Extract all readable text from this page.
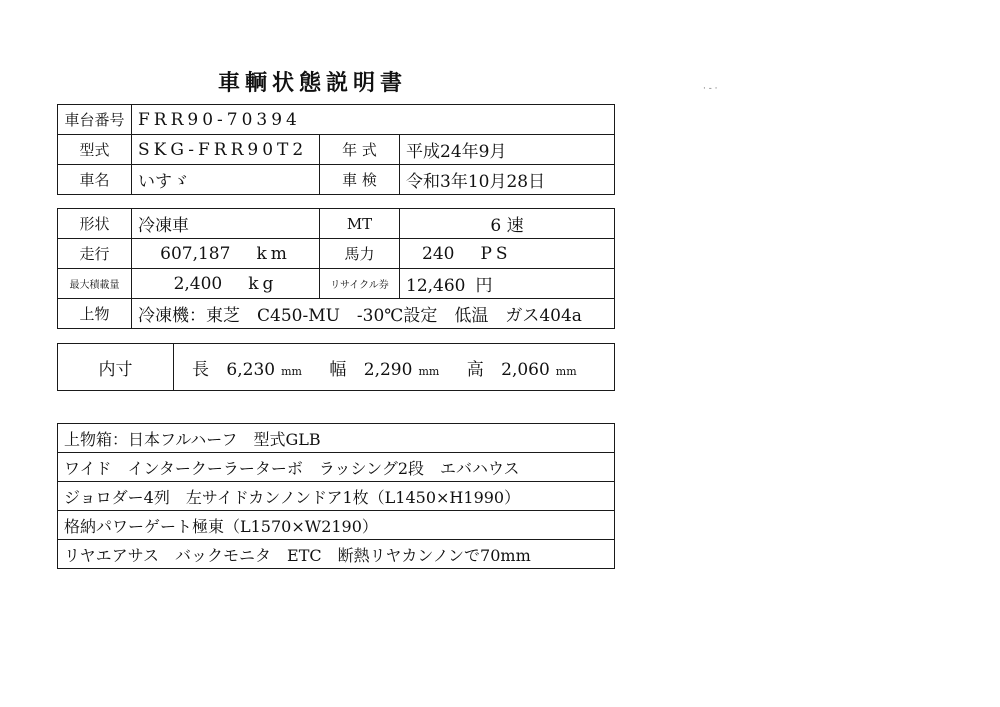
車輌状態説明書
車台番号	FRR90-70394		
型式	SKG-FRR90T2	年 式	平成24年9月
車名	いすゞ	車 検	令和3年10月28日
形状	冷凍車	MT	6 速
走行	607,187 km	馬力	240 PS
最大積載量	2,400 kg	リサイクル券	12,460 円
上物	冷凍機：東芝　C450-MU　-30℃設定　低温　ガス404a		
内寸	長 6,230 mm 幅 2,290 mm 高 2,060 mm
上物箱：日本フルハーフ　型式GLB
ワイド　インタークーラーターボ　ラッシング2段　エバハウス
ジョロダー4列　左サイドカンノンドア1枚（L1450×H1990）
格納パワーゲート極東（L1570×W2190）
リヤエアサス　バックモニタ　ETC　断熱リヤカンノンで70mm
· ‑ ·
